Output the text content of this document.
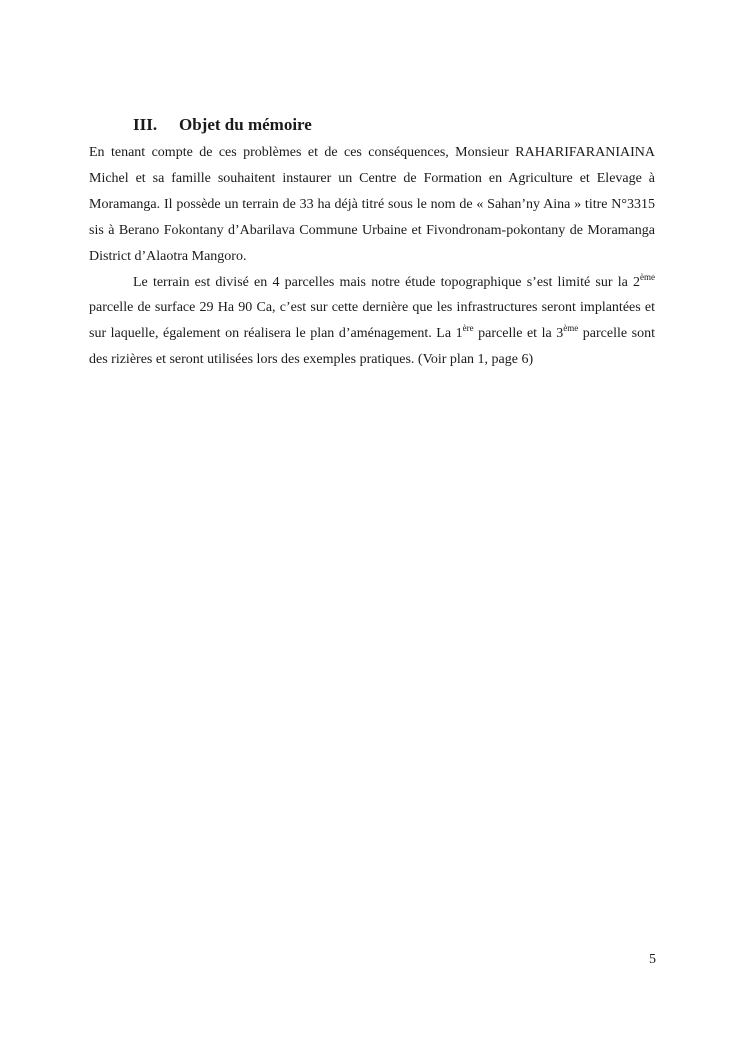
III. Objet du mémoire

En tenant compte de ces problèmes et de ces conséquences, Monsieur RAHARIFARANIAINA Michel et sa famille souhaitent instaurer un Centre de Formation en Agriculture et Elevage à Moramanga. Il possède un terrain de 33 ha déjà titré sous le nom de « Sahan’ny Aina » titre N°3315 sis à Berano Fokontany d’Abarilava Commune Urbaine et Fivondronam-pokontany de Moramanga District d’Alaotra Mangoro.

Le terrain est divisé en 4 parcelles mais notre étude topographique s’est limité sur la 2ème parcelle de surface 29 Ha 90 Ca, c’est sur cette dernière que les infrastructures seront implantées et sur laquelle, également on réalisera le plan d’aménagement. La 1ère parcelle et la 3ème parcelle sont des rizières et seront utilisées lors des exemples pratiques. (Voir plan 1, page 6)

5
